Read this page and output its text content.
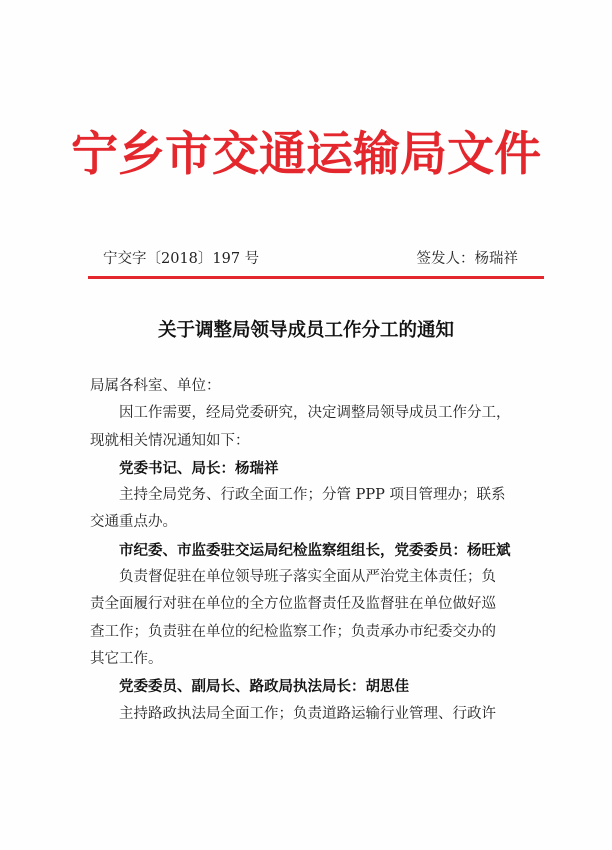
宁乡市交通运输局文件
宁交字〔2018〕197 号	签发人：杨瑞祥
关于调整局领导成员工作分工的通知

局属各科室、单位：

因工作需要，经局党委研究，决定调整局领导成员工作分工，

现就相关情况通知如下：

党委书记、局长：杨瑞祥

主持全局党务、行政全面工作；分管 PPP 项目管理办；联系

交通重点办。

市纪委、市监委驻交运局纪检监察组组长，党委委员：杨旺斌

负责督促驻在单位领导班子落实全面从严治党主体责任；负

责全面履行对驻在单位的全方位监督责任及监督驻在单位做好巡

查工作；负责驻在单位的纪检监察工作；负责承办市纪委交办的

其它工作。

党委委员、副局长、路政局执法局长：胡思佳

主持路政执法局全面工作；负责道路运输行业管理、行政许
